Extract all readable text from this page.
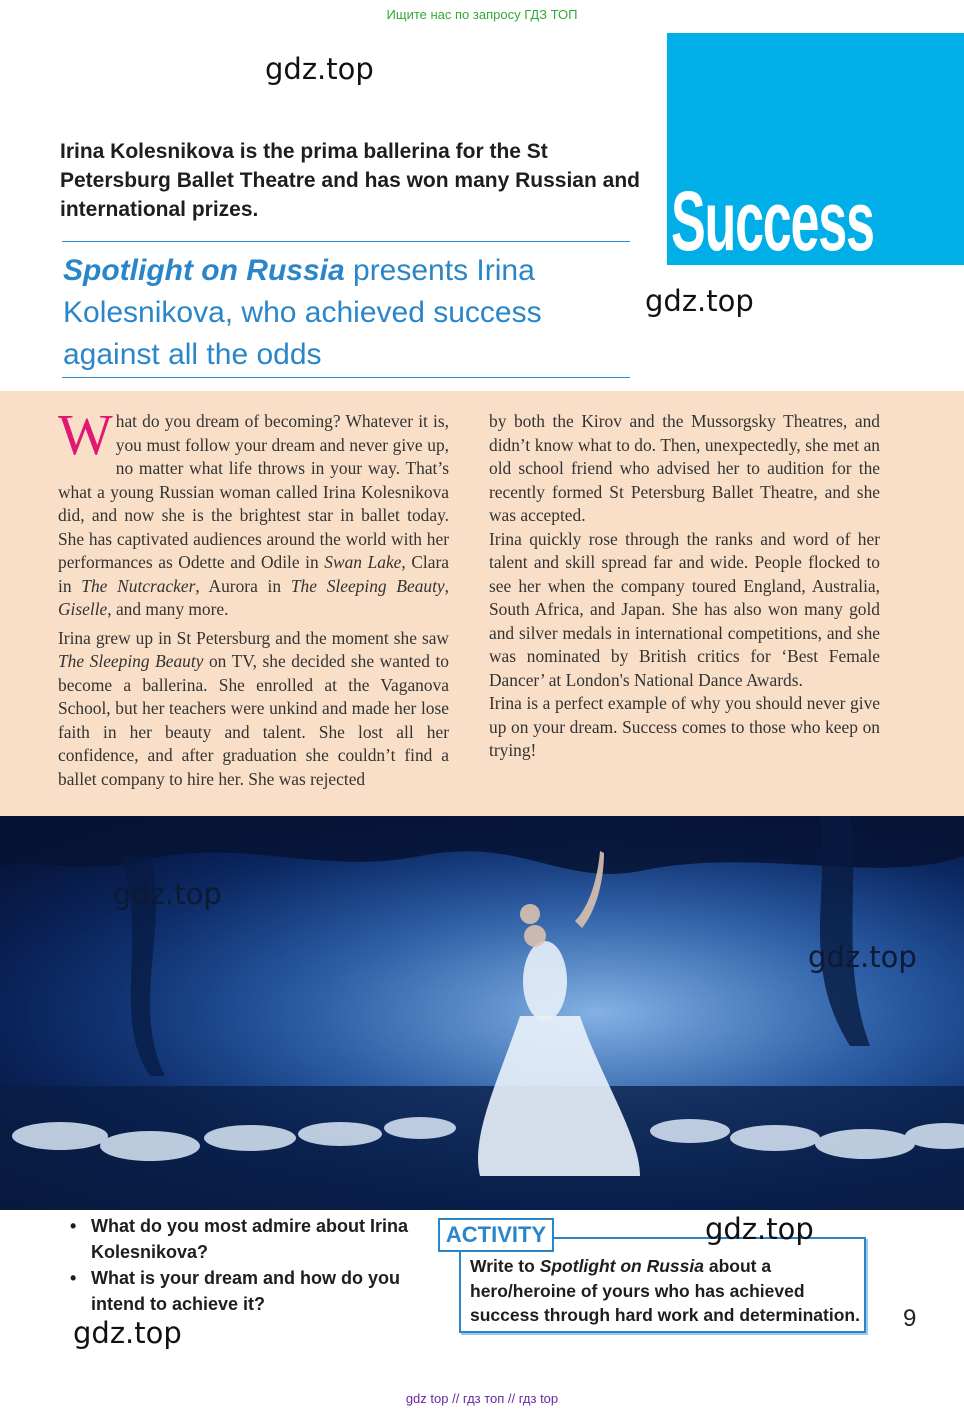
Ищите нас по запросу ГДЗ ТОП
gdz.top
Irina Kolesnikova is the prima ballerina for the St Petersburg Ballet Theatre and has won many Russian and international prizes.
Spotlight on Russia presents Irina Kolesnikova, who achieved success against all the odds
Success
gdz.top

What do you dream of becoming? Whatever it is, you must follow your dream and never give up, no matter what life throws in your way. That’s what a young Russian woman called Irina Kolesnikova did, and now she is the brightest star in ballet today. She has captivated audiences around the world with her performances as Odette and Odile in Swan Lake, Clara in The Nutcracker, Aurora in The Sleeping Beauty, Giselle, and many more.

Irina grew up in St Petersburg and the moment she saw The Sleeping Beauty on TV, she decided she wanted to become a ballerina. She enrolled at the Vaganova School, but her teachers were unkind and made her lose faith in her beauty and talent. She lost all her confidence, and after graduation she couldn’t find a ballet company to hire her. She was rejected

by both the Kirov and the Mussorgsky Theatres, and didn’t know what to do. Then, unexpectedly, she met an old school friend who advised her to audition for the recently formed St Petersburg Ballet Theatre, and she was accepted.

Irina quickly rose through the ranks and word of her talent and skill spread far and wide. People flocked to see her when the company toured England, Australia, South Africa, and Japan. She has also won many gold and silver medals in international competitions, and she was nominated by British critics for ‘Best Female Dancer’ at London's National Dance Awards.

Irina is a perfect example of why you should never give up on your dream. Success comes to those who keep on trying!

gdz.top
gdz.top
• What do you most admire about Irina Kolesnikova?
• What is your dream and how do you intend to achieve it?
Write to Spotlight on Russia about a hero/heroine of yours who has achieved success through hard work and determination.
ACTIVITY	gdz.top
gdz.top	9
gdz top // гдз топ // гдз top
